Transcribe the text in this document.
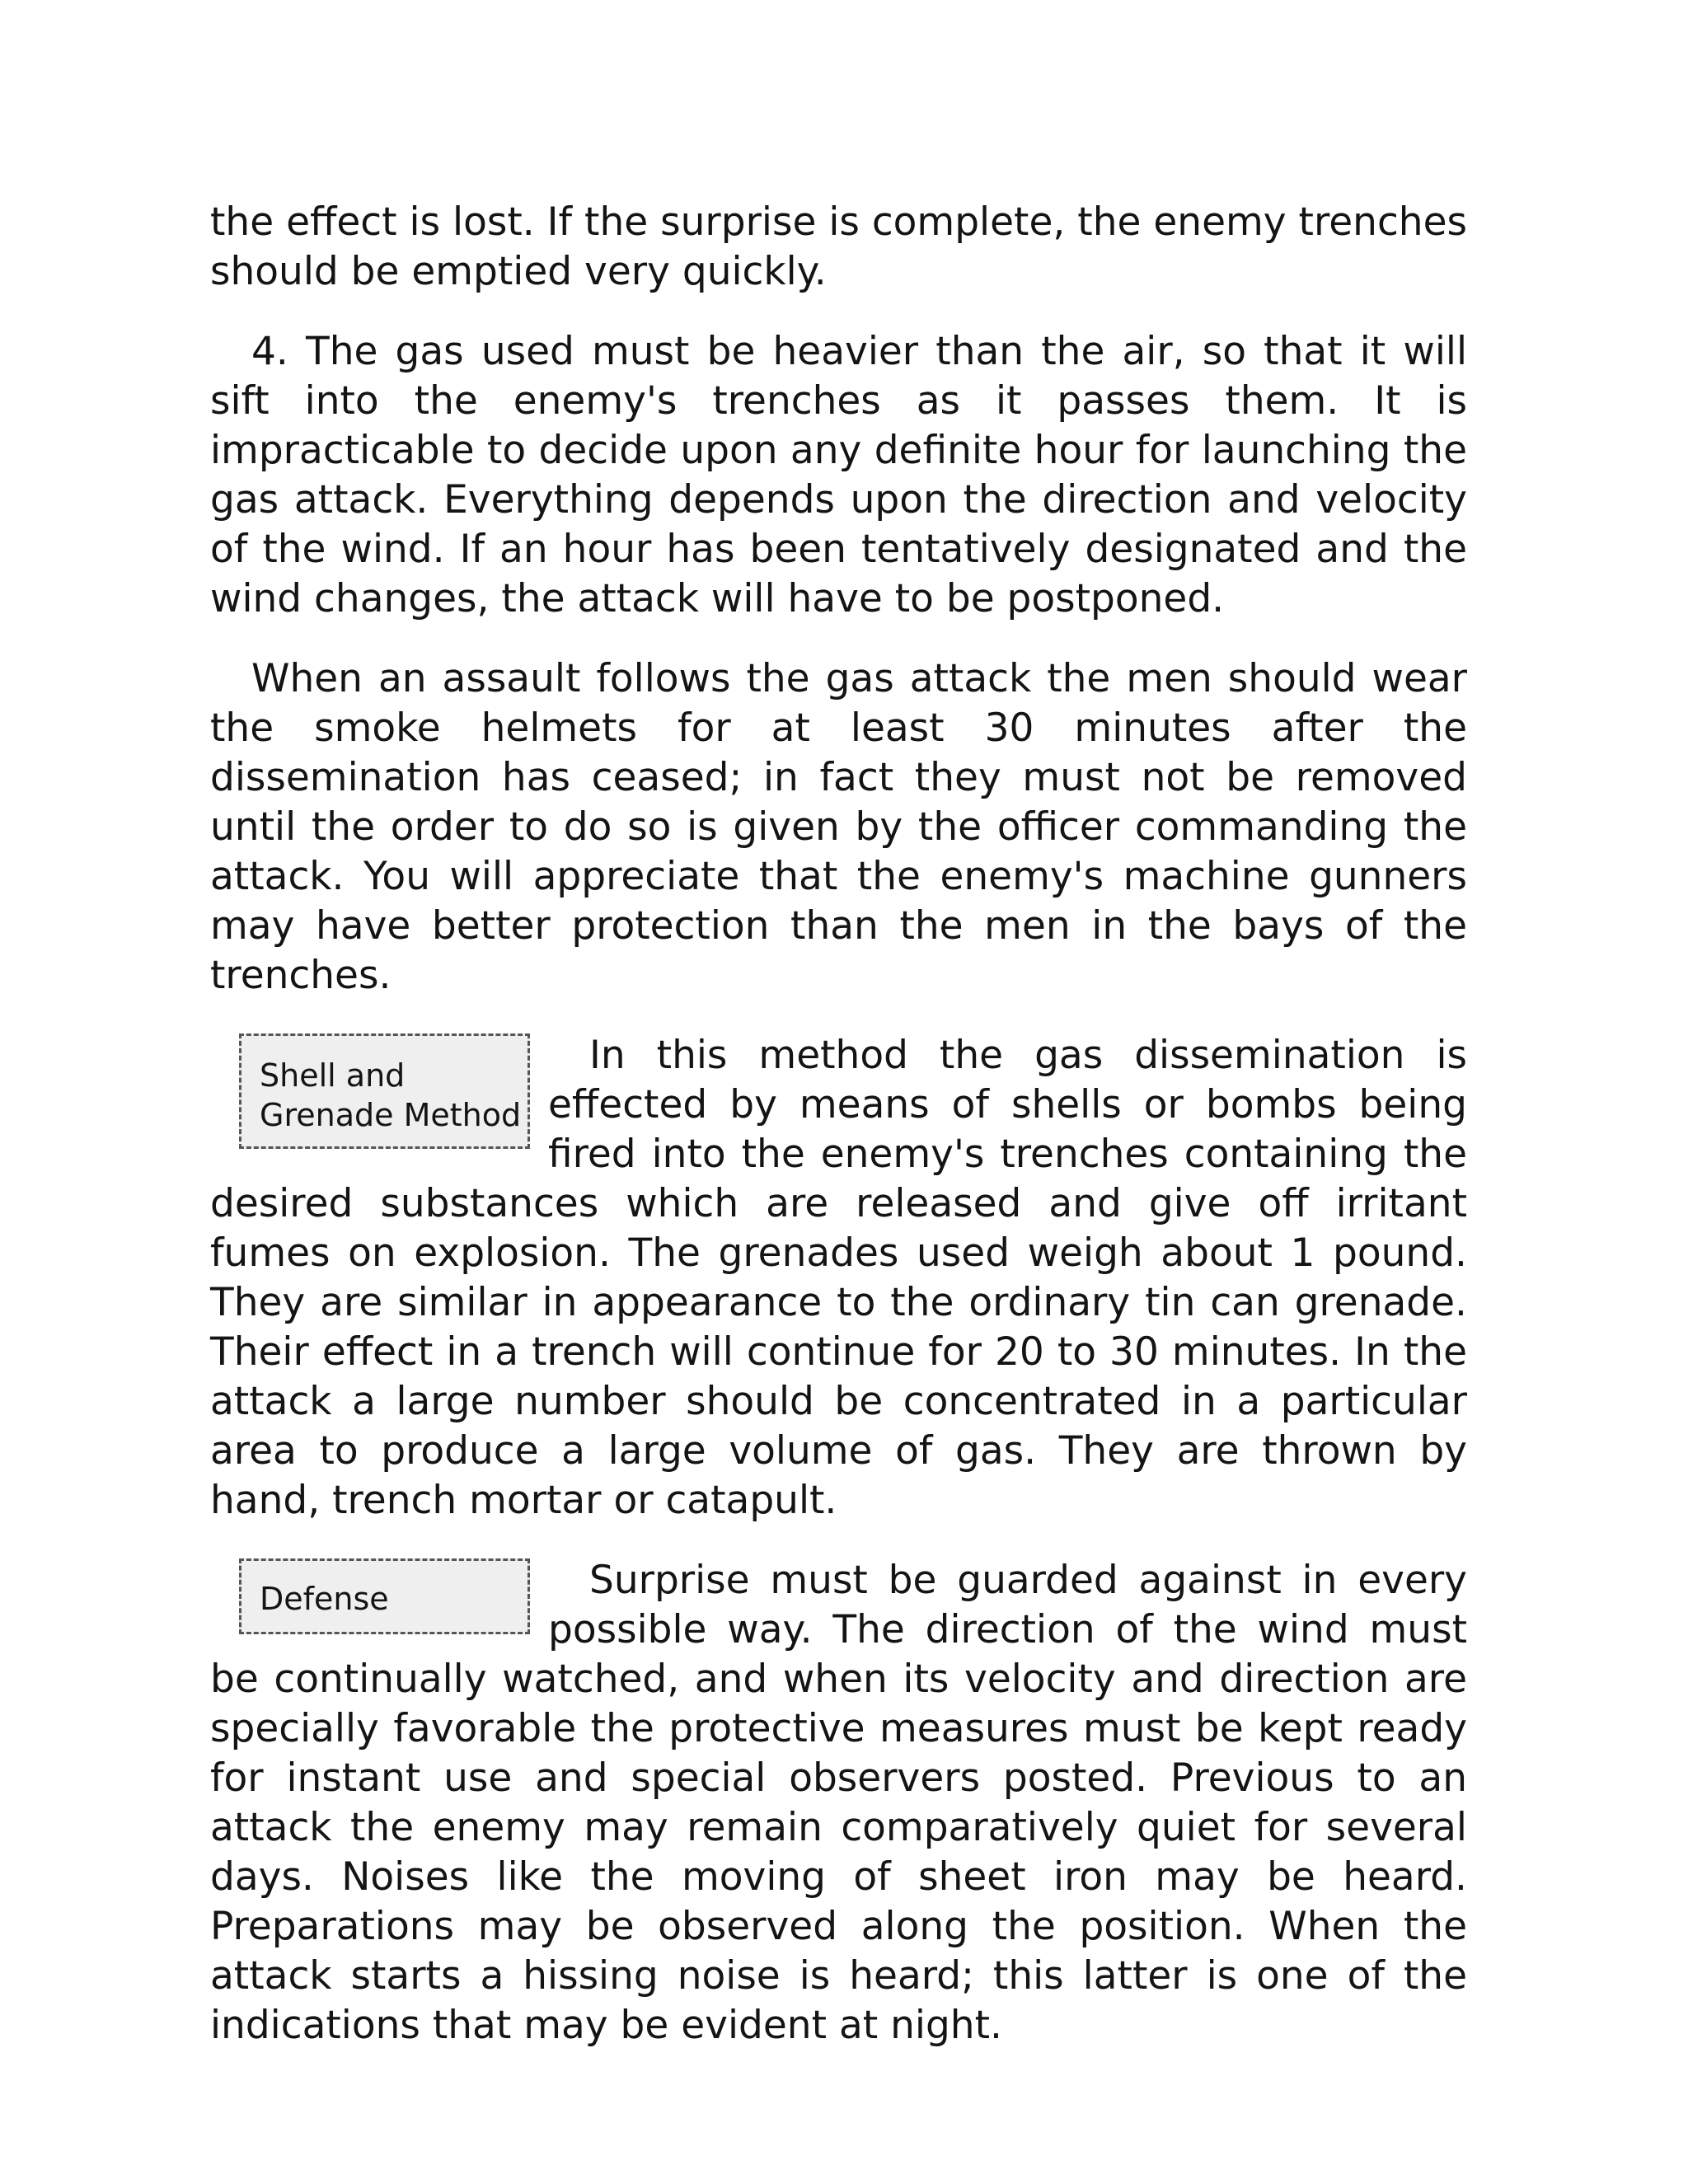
the effect is lost. If the surprise is complete, the enemy trenches should be emptied very quickly.

4. The gas used must be heavier than the air, so that it will sift into the enemy's trenches as it passes them. It is impracticable to decide upon any definite hour for launching the gas attack. Everything depends upon the direction and velocity of the wind. If an hour has been tentatively designated and the wind changes, the attack will have to be postponed.

When an assault follows the gas attack the men should wear the smoke helmets for at least 30 minutes after the dissemination has ceased; in fact they must not be removed until the order to do so is given by the officer commanding the attack. You will appreciate that the enemy's machine gunners may have better protection than the men in the bays of the trenches.

Shell and Grenade Method
In this method the gas dissemination is effected by means of shells or bombs being fired into the enemy's trenches containing the desired substances which are released and give off irritant fumes on explosion. The grenades used weigh about 1 pound. They are similar in appearance to the ordinary tin can grenade. Their effect in a trench will continue for 20 to 30 minutes. In the attack a large number should be concentrated in a particular area to produce a large volume of gas. They are thrown by hand, trench mortar or catapult.
Defense	Surprise must be guarded against in every possible way. The direction of the wind must be continually watched, and when its velocity and direction are specially favorable the protective measures must be kept ready for instant use and special observers posted. Previous to an attack the enemy may remain comparatively quiet for several days. Noises like the moving of sheet iron may be heard. Preparations may be observed along the position. When the attack starts a hissing noise is heard; this latter is one of the indications that may be evident at night.
